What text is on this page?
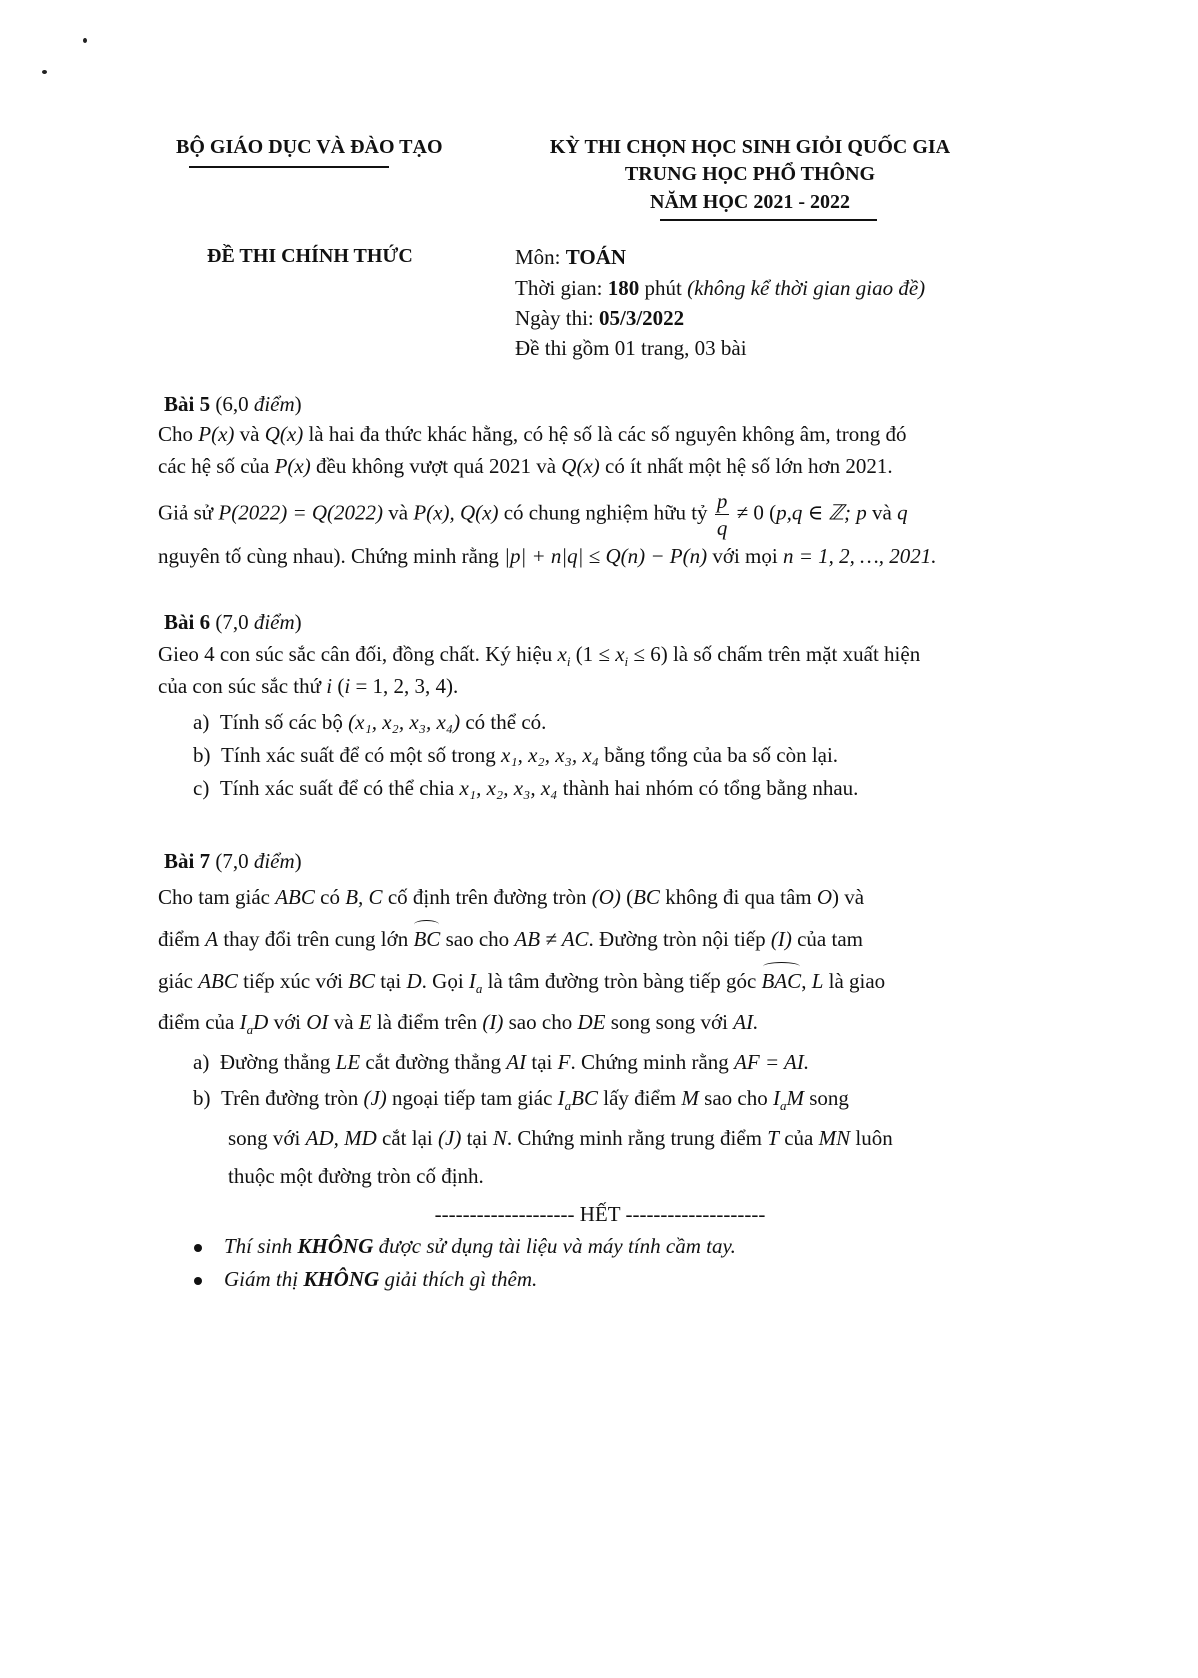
BỘ GIÁO DỤC VÀ ĐÀO TẠO	KỲ THI CHỌN HỌC SINH GIỎI QUỐC GIA
TRUNG HỌC PHỔ THÔNG
NĂM HỌC 2021 - 2022
ĐỀ THI CHÍNH THỨC	Môn: TOÁN
Thời gian: 180 phút (không kể thời gian giao đề)
Ngày thi: 05/3/2022
Đề thi gồm 01 trang, 03 bài
Bài 5 (6,0 điểm)
Cho P(x) và Q(x) là hai đa thức khác hằng, có hệ số là các số nguyên không âm, trong đó
các hệ số của P(x) đều không vượt quá 2021 và Q(x) có ít nhất một hệ số lớn hơn 2021.
Giả sử P(2022) = Q(2022) và P(x), Q(x) có chung nghiệm hữu tỷ $\frac{p}{q} \ne 0$ (p,q ∈ ℤ; p và q
nguyên tố cùng nhau). Chứng minh rằng |p| + n|q| ≤ Q(n) − P(n) với mọi n = 1, 2, …, 2021.
Bài 6 (7,0 điểm)
Gieo 4 con súc sắc cân đối, đồng chất. Ký hiệu $x_i$ $(1 \le x_i \le 6)$ là số chấm trên mặt xuất hiện
của con súc sắc thứ i (i = 1, 2, 3, 4).
a) Tính số các bộ (x₁, x₂, x₃, x₄) có thể có.
b) Tính xác suất để có một số trong x₁, x₂, x₃, x₄ bằng tổng của ba số còn lại.
c) Tính xác suất để có thể chia x₁, x₂, x₃, x₄ thành hai nhóm có tổng bằng nhau.
Bài 7 (7,0 điểm)
Cho tam giác ABC có B, C cố định trên đường tròn (O) (BC không đi qua tâm O) và
điểm A thay đổi trên cung lớn BC sao cho AB ≠ AC. Đường tròn nội tiếp (I) của tam
giác ABC tiếp xúc với BC tại D. Gọi $I_a$ là tâm đường tròn bàng tiếp góc BAC, L là giao
điểm của $I_aD$ với OI và E là điểm trên (I) sao cho DE song song với AI.
a) Đường thẳng LE cắt đường thẳng AI tại F. Chứng minh rằng AF = AI.
b) Trên đường tròn (J) ngoại tiếp tam giác $I_aBC$ lấy điểm M sao cho $I_aM$ song
song với AD, MD cắt lại (J) tại N. Chứng minh rằng trung điểm T của MN luôn
thuộc một đường tròn cố định.
-------------------- HẾT --------------------
Thí sinh KHÔNG được sử dụng tài liệu và máy tính cầm tay.
Giám thị KHÔNG giải thích gì thêm.
